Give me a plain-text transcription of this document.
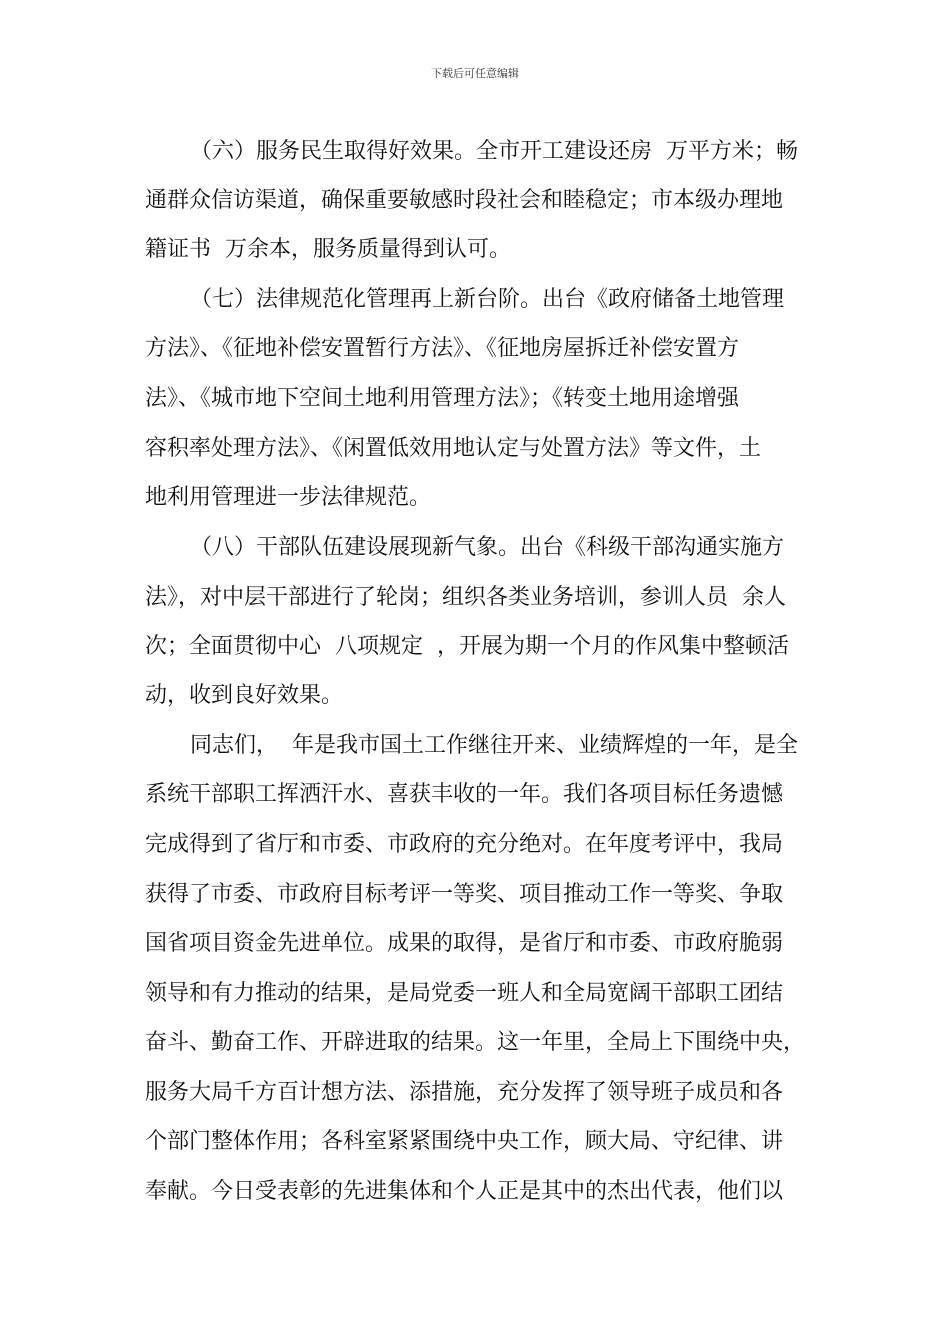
下载后可任意编辑
（六）服务民生取得好效果。全市开工建设还房  万平方米；畅
通群众信访渠道，确保重要敏感时段社会和睦稳定；市本级办理地
籍证书  万余本，服务质量得到认可。
（七）法律规范化管理再上新台阶。出台《政府储备土地管理
方法》、《征地补偿安置暂行方法》、《征地房屋拆迁补偿安置方
法》、《城市地下空间土地利用管理方法》；《转变土地用途增强
容积率处理方法》、《闲置低效用地认定与处置方法》等文件，土
地利用管理进一步法律规范。
（八）干部队伍建设展现新气象。出台《科级干部沟通实施方
法》，对中层干部进行了轮岗；组织各类业务培训，参训人员  余人
次；全面贯彻中心  八项规定  ，开展为期一个月的作风集中整顿活
动，收到良好效果。
同志们，  年是我市国土工作继往开来、业绩辉煌的一年，是全
系统干部职工挥洒汗水、喜获丰收的一年。我们各项目标任务遗憾
完成得到了省厅和市委、市政府的充分绝对。在年度考评中，我局
获得了市委、市政府目标考评一等奖、项目推动工作一等奖、争取
国省项目资金先进单位。成果的取得，是省厅和市委、市政府脆弱
领导和有力推动的结果，是局党委一班人和全局宽阔干部职工团结
奋斗、勤奋工作、开辟进取的结果。这一年里，全局上下围绕中央，
服务大局千方百计想方法、添措施，充分发挥了领导班子成员和各
个部门整体作用；各科室紧紧围绕中央工作，顾大局、守纪律、讲
奉献。今日受表彰的先进集体和个人正是其中的杰出代表，他们以
